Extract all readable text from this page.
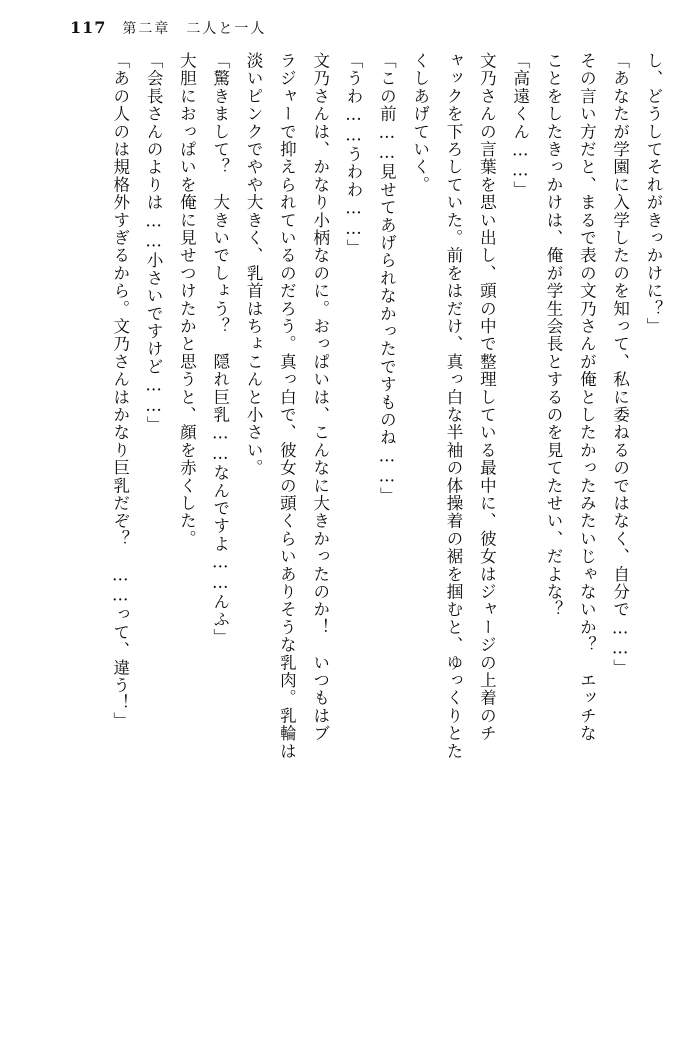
117 第二章 二人と一人

し、どうしてそれがきっかけに？」

「あなたが学園に入学したのを知って、私に委ねるのではなく、自分で……」

その言い方だと、まるで表の文乃さんが俺としたかったみたいじゃないか？　エッチな

ことをしたきっかけは、俺が学生会長とするのを見てたせい、だよな？

「高遠くん……」

文乃さんの言葉を思い出し、頭の中で整理している最中に、彼女はジャージの上着のチ

ャックを下ろしていた。前をはだけ、真っ白な半袖の体操着の裾を掴むと、ゆっくりとた

くしあげていく。

「この前……見せてあげられなかったですものね……」

「うわ……うわわ……」

文乃さんは、かなり小柄なのに。おっぱいは、こんなに大きかったのか！　いつもはブ

ラジャーで抑えられているのだろう。真っ白で、彼女の頭くらいありそうな乳肉。乳輪は

淡いピンクでやや大きく、乳首はちょこんと小さい。

「驚きまして？　大きいでしょう？　隠れ巨乳……なんですよ……んふ」

大胆におっぱいを俺に見せつけたかと思うと、顔を赤くした。

「会長さんのよりは……小さいですけど……」

「あの人のは規格外すぎるから。文乃さんはかなり巨乳だぞ？　……って、違う！」
